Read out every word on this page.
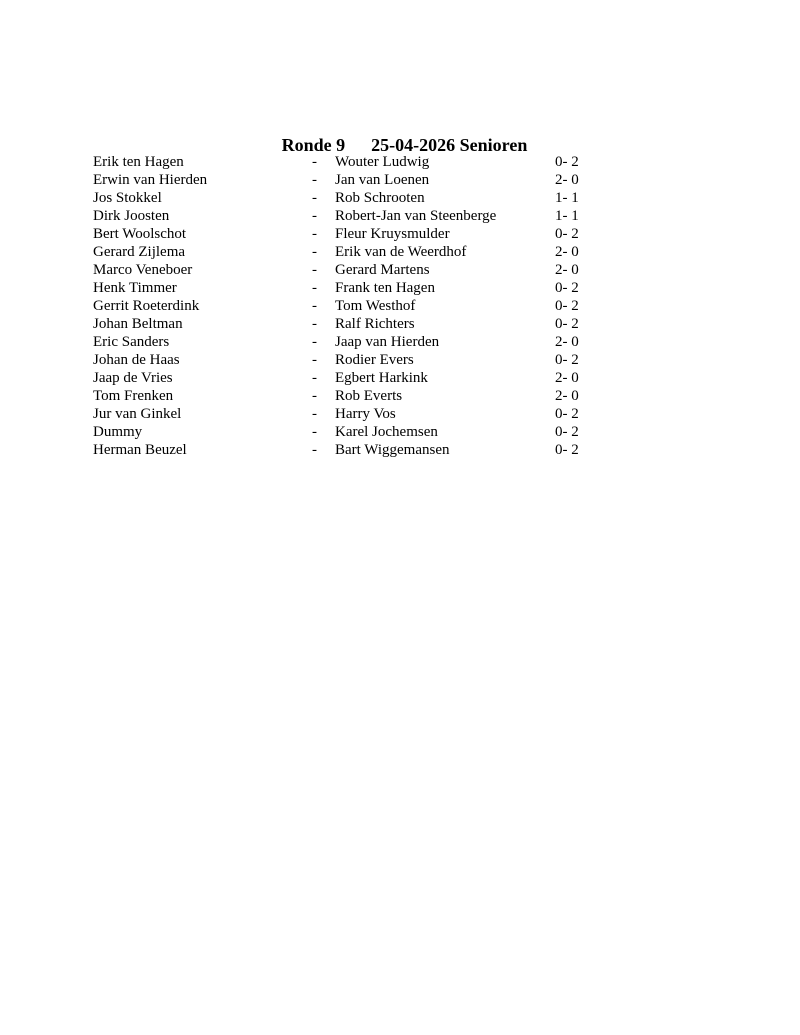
Ronde 9 25-04-2026 Senioren

Erik ten Hagen	- Wouter Ludwig	0- 2
Erwin van Hierden	- Jan van Loenen	2- 0
Jos Stokkel	- Rob Schrooten	1- 1
Dirk Joosten	- Robert-Jan van Steenberge	1- 1
Bert Woolschot	- Fleur Kruysmulder	0- 2
Gerard Zijlema	- Erik van de Weerdhof	2- 0
Marco Veneboer	- Gerard Martens	2- 0
Henk Timmer	- Frank ten Hagen	0- 2
Gerrit Roeterdink	- Tom Westhof	0- 2
Johan Beltman	- Ralf Richters	0- 2
Eric Sanders	- Jaap van Hierden	2- 0
Johan de Haas	- Rodier Evers	0- 2
Jaap de Vries	- Egbert Harkink	2- 0
Tom Frenken	- Rob Everts	2- 0
Jur van Ginkel	- Harry Vos	0- 2
Dummy	- Karel Jochemsen	0- 2
Herman Beuzel	- Bart Wiggemansen	0- 2
